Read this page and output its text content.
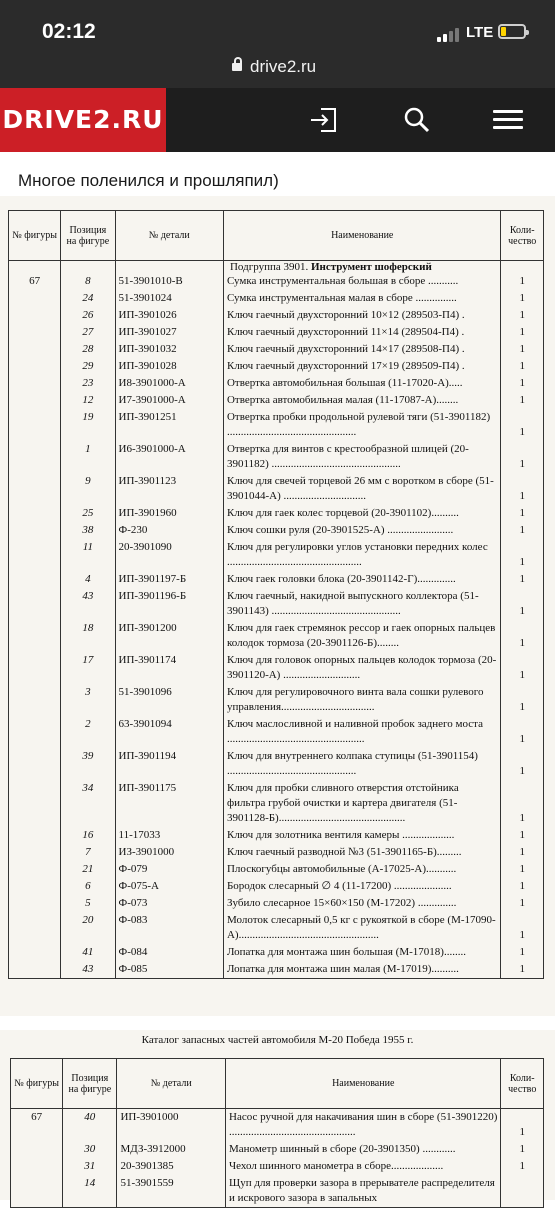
02:12	LTE
drive2.ru
DRIVE2.RU
Многое поленился и прошляпил)
№ фигуры	Позиция на фигуре	№ детали	Наименование	Коли-чество
			Подгруппа 3901. Инструмент шоферский	
67	8	51-3901010-В	Сумка инструментальная большая в сборе ...........	1
	24	51-3901024	Сумка инструментальная малая в сборе ...............	1
	26	ИП-3901026	Ключ гаечный двухсторонний 10×12 (289503-П4) .	1
	27	ИП-3901027	Ключ гаечный двухсторонний 11×14 (289504-П4) .	1
	28	ИП-3901032	Ключ гаечный двухсторонний 14×17 (289508-П4) .	1
	29	ИП-3901028	Ключ гаечный двухсторонний 17×19 (289509-П4) .	1
	23	И8-3901000-А	Отвертка автомобильная большая (11-17020-А).....	1
	12	И7-3901000-А	Отвертка автомобильная малая (11-17087-А)........	1
	19	ИП-3901251	Отвертка пробки продольной рулевой тяги (51-3901182) ...............................................	1
	1	И6-3901000-А	Отвертка для винтов с крестообразной шлицей (20-3901182) ...............................................	1
	9	ИП-3901123	Ключ для свечей торцевой 26 мм с воротком в сборе (51-3901044-А) ..............................	1
	25	ИП-3901960	Ключ для гаек колес торцевой (20-3901102)..........	1
	38	Ф-230	Ключ сошки руля (20-3901525-А) ........................	1
	11	20-3901090	Ключ для регулировки углов установки передних колес .................................................	1
	4	ИП-3901197-Б	Ключ гаек головки блока (20-3901142-Г)..............	1
	43	ИП-3901196-Б	Ключ гаечный, накидной выпускного коллектора (51-3901143) ...............................................	1
	18	ИП-3901200	Ключ для гаек стремянок рессор и гаек опорных пальцев колодок тормоза (20-3901126-Б)........	1
	17	ИП-3901174	Ключ для головок опорных пальцев колодок тормоза (20-3901120-А) ............................	1
	3	51-3901096	Ключ для регулировочного винта вала сошки рулевого управления..................................	1
	2	63-3901094	Ключ маслосливной и наливной пробок заднего моста ..................................................	1
	39	ИП-3901194	Ключ для внутреннего колпака ступицы (51-3901154) ...............................................	1
	34	ИП-3901175	Ключ для пробки сливного отверстия отстойника фильтра грубой очистки и картера двигателя (51-3901128-Б)..............................................	1
	16	11-17033	Ключ для золотника вентиля камеры ...................	1
	7	ИЗ-3901000	Ключ гаечный разводной №3 (51-3901165-Б).........	1
	21	Ф-079	Плоскогубцы автомобильные (А-17025-А)...........	1
	6	Ф-075-А	Бородок слесарный ∅ 4 (11-17200) .....................	1
	5	Ф-073	Зубило слесарное 15×60×150 (М-17202) ..............	1
	20	Ф-083	Молоток слесарный 0,5 кг с рукояткой в сборе (М-17090-А)...................................................	1
	41	Ф-084	Лопатка для монтажа шин большая (М-17018)........	1
	43	Ф-085	Лопатка для монтажа шин малая (М-17019)..........	1
Каталог запасных частей автомобиля М-20 Победа 1955 г.
№ фигуры	Позиция на фигуре	№ детали	Наименование	Коли-чество
67	40	ИП-3901000	Насос ручной для накачивания шин в сборе (51-3901220) ..............................................	1
	30	МДЗ-3912000	Манометр шинный в сборе (20-3901350) ............	1
	31	20-3901385	Чехол шинного манометра в сборе...................	1
	14	51-3901559	Щуп для проверки зазора в прерывателе распределителя и искрового зазора в запальных	
